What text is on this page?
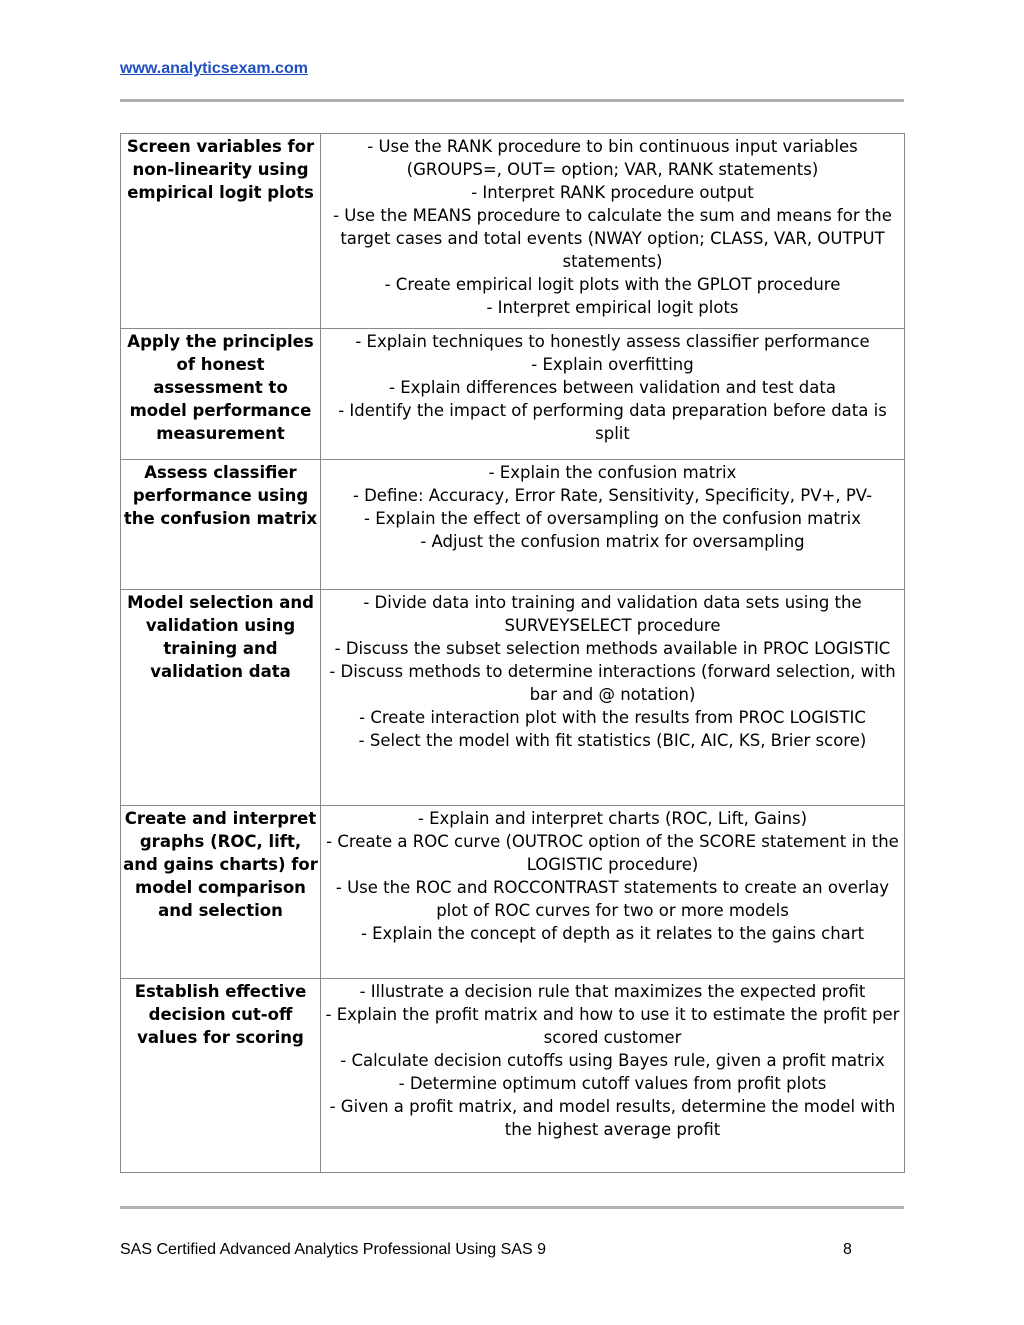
www.analyticsexam.com
Screen variables for non-linearity using empirical logit plots	- Use the RANK procedure to bin continuous input variables (GROUPS=, OUT= option; VAR, RANK statements)
- Interpret RANK procedure output
- Use the MEANS procedure to calculate the sum and means for the target cases and total events (NWAY option; CLASS, VAR, OUTPUT statements)
- Create empirical logit plots with the GPLOT procedure
- Interpret empirical logit plots

Apply the principles of honest assessment to model performance measurement	- Explain techniques to honestly assess classifier performance
- Explain overfitting
- Explain differences between validation and test data
- Identify the impact of performing data preparation before data is split

Assess classifier performance using the confusion matrix	- Explain the confusion matrix
- Define: Accuracy, Error Rate, Sensitivity, Specificity, PV+, PV-
- Explain the effect of oversampling on the confusion matrix
- Adjust the confusion matrix for oversampling

Model selection and validation using training and validation data	- Divide data into training and validation data sets using the SURVEYSELECT procedure
- Discuss the subset selection methods available in PROC LOGISTIC
- Discuss methods to determine interactions (forward selection, with bar and @ notation)
- Create interaction plot with the results from PROC LOGISTIC
- Select the model with fit statistics (BIC, AIC, KS, Brier score)

Create and interpret graphs (ROC, lift, and gains charts) for model comparison and selection	- Explain and interpret charts (ROC, Lift, Gains)
- Create a ROC curve (OUTROC option of the SCORE statement in the LOGISTIC procedure)
- Use the ROC and ROCCONTRAST statements to create an overlay plot of ROC curves for two or more models
- Explain the concept of depth as it relates to the gains chart

Establish effective decision cut-off values for scoring	- Illustrate a decision rule that maximizes the expected profit
- Explain the profit matrix and how to use it to estimate the profit per scored customer
- Calculate decision cutoffs using Bayes rule, given a profit matrix
- Determine optimum cutoff values from profit plots
- Given a profit matrix, and model results, determine the model with the highest average profit
SAS Certified Advanced Analytics Professional Using SAS 9	8
